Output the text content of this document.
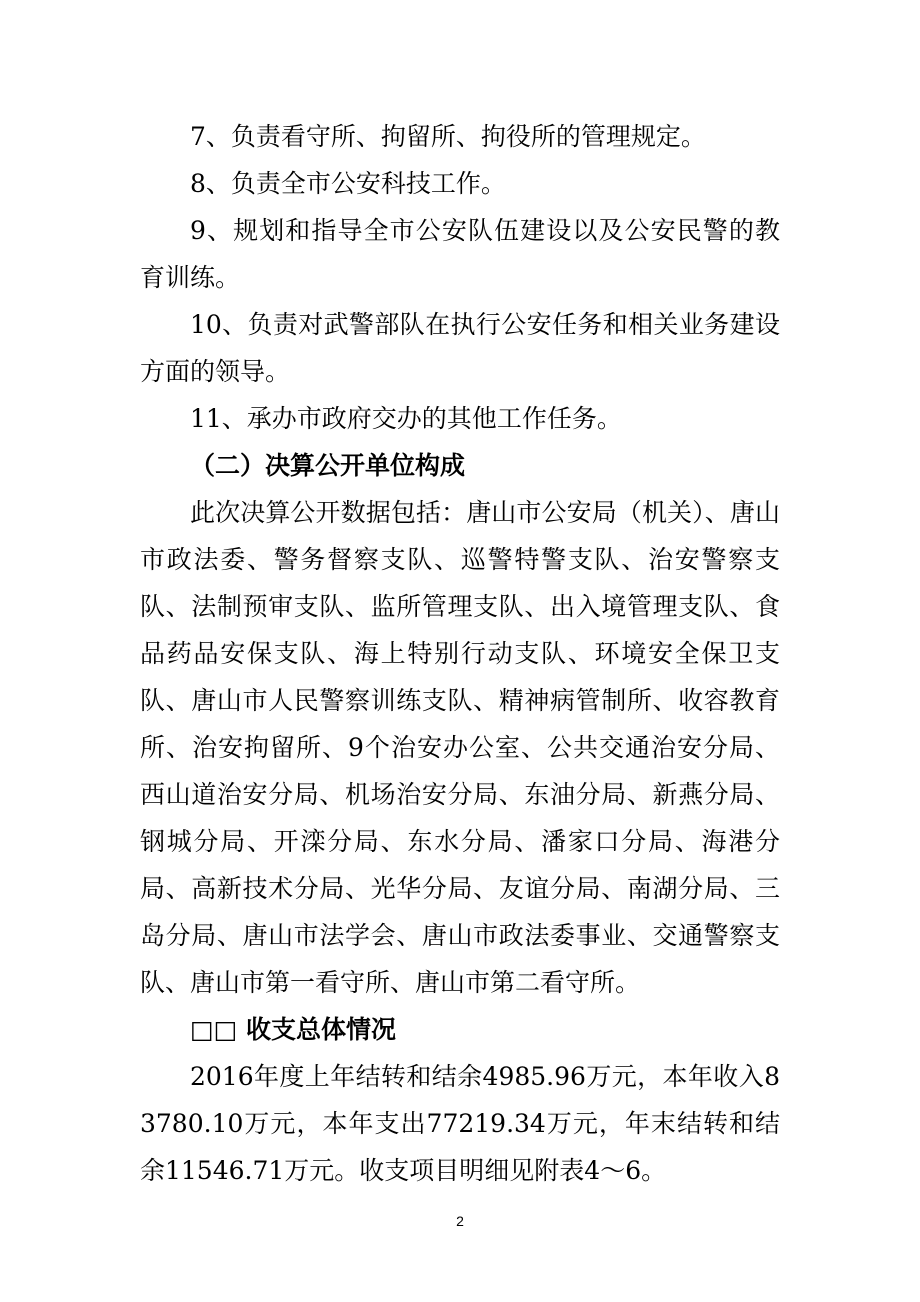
7、负责看守所、拘留所、拘役所的管理规定。

8、负责全市公安科技工作。

9、规划和指导全市公安队伍建设以及公安民警的教育训练。

10、负责对武警部队在执行公安任务和相关业务建设方面的领导。

11、承办市政府交办的其他工作任务。

（二）决算公开单位构成

此次决算公开数据包括：唐山市公安局（机关）、唐山市政法委、警务督察支队、巡警特警支队、治安警察支队、法制预审支队、监所管理支队、出入境管理支队、食品药品安保支队、海上特别行动支队、环境安全保卫支队、唐山市人民警察训练支队、精神病管制所、收容教育所、治安拘留所、9个治安办公室、公共交通治安分局、西山道治安分局、机场治安分局、东油分局、新燕分局、钢城分局、开滦分局、东水分局、潘家口分局、海港分局、高新技术分局、光华分局、友谊分局、南湖分局、三岛分局、唐山市法学会、唐山市政法委事业、交通警察支队、唐山市第一看守所、唐山市第二看守所。

□□ 收支总体情况

2016年度上年结转和结余4985.96万元，本年收入83780.10万元，本年支出77219.34万元，年末结转和结余11546.71万元。收支项目明细见附表4～6。

2
